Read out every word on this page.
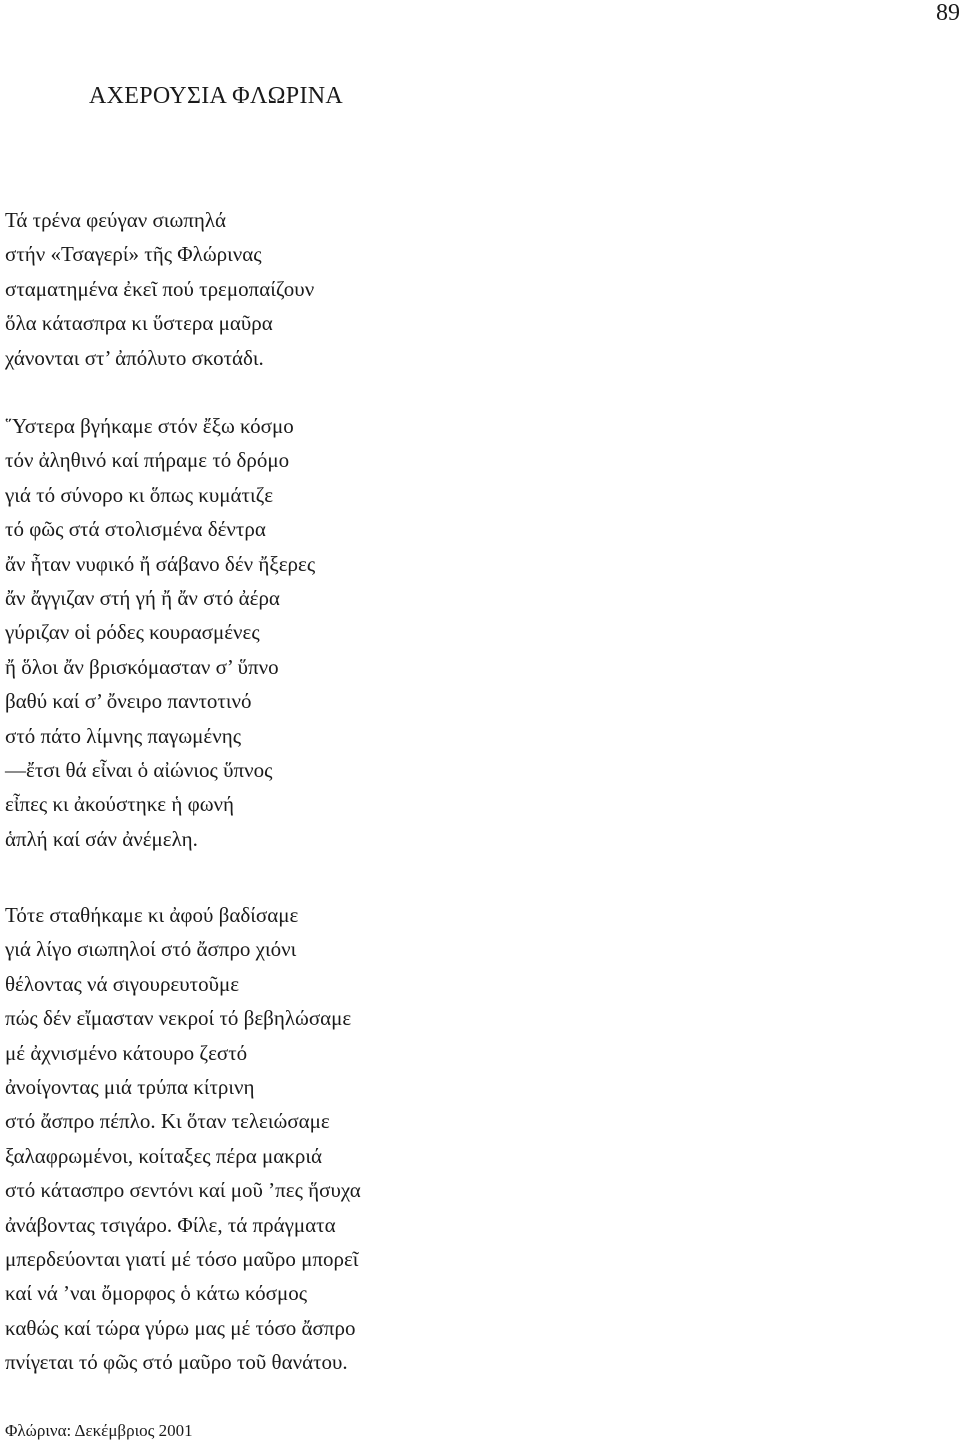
89
ΑΧΕΡΟΥΣΙΑ ΦΛΩΡΙΝΑ
Τά τρένα φεύγαν σιωπηλά
στήν «Τσαγερί» τῆς Φλώρινας
σταματημένα ἐκεῖ πού τρεμοπαίζουν
ὅλα κάτασπρα κι ὕστερα μαῦρα
χάνονται στ’ ἀπόλυτο σκοτάδι.
῞Υστερα βγήκαμε στόν ἔξω κόσμο
τόν ἀληθινό καί πήραμε τό δρόμο
γιά τό σύνορο κι ὅπως κυμάτιζε
τό φῶς στά στολισμένα δέντρα
ἄν ἦταν νυφικό ἤ σάβανο δέν ἤξερες
ἄν ἄγγιζαν στή γή ἤ ἄν στό ἀέρα
γύριζαν οἱ ρόδες κουρασμένες
ἤ ὅλοι ἄν βρισκόμασταν σ’ ὕπνο
βαθύ καί σ’ ὄνειρο παντοτινό
στό πάτο λίμνης παγωμένης
—ἔτσι θά εἶναι ὁ αἰώνιος ὕπνος
εἶπες κι ἀκούστηκε ἡ φωνή
ἁπλή καί σάν ἀνέμελη.
Τότε σταθήκαμε κι ἀφού βαδίσαμε
γιά λίγο σιωπηλοί στό ἄσπρο χιόνι
θέλοντας νά σιγουρευτοῦμε
πώς δέν εἴμασταν νεκροί τό βεβηλώσαμε
μέ ἀχνισμένο κάτουρο ζεστό
ἀνοίγοντας μιά τρύπα κίτρινη
στό ἄσπρο πέπλο. Κι ὅταν τελειώσαμε
ξαλαφρωμένοι, κοίταξες πέρα μακριά
στό κάτασπρο σεντόνι καί μοῦ ’πες ἥσυχα
ἀνάβοντας τσιγάρο. Φίλε, τά πράγματα
μπερδεύονται γιατί μέ τόσο μαῦρο μπορεῖ
καί νά ’ναι ὄμορφος ὁ κάτω κόσμος
καθώς καί τώρα γύρω μας μέ τόσο ἄσπρο
πνίγεται τό φῶς στό μαῦρο τοῦ θανάτου.
Φλώρινα: Δεκέμβριος 2001
